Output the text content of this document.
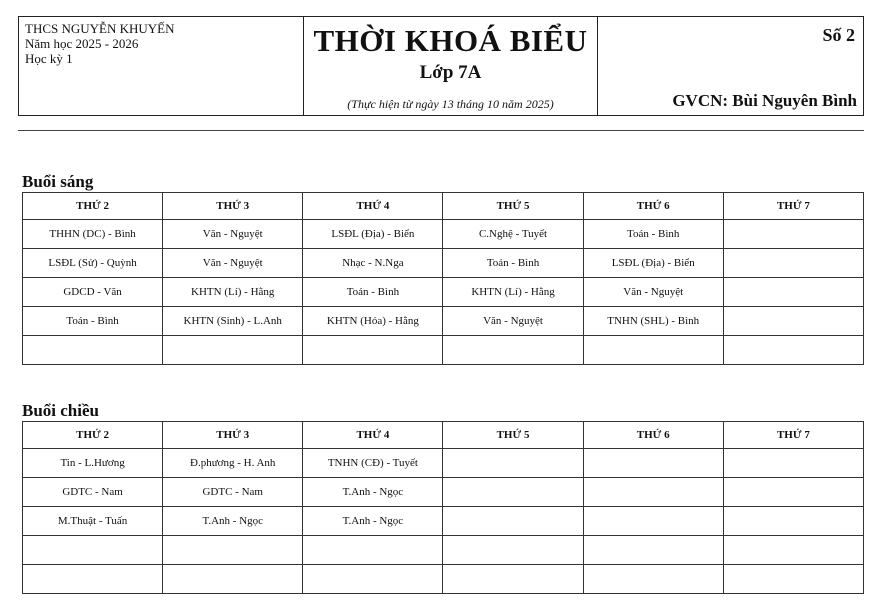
THCS NGUYỄN KHUYẾN
Năm học 2025 - 2026
Học kỳ 1
THỜI KHOÁ BIỂU
Lớp 7A
(Thực hiện từ ngày 13 tháng 10 năm 2025)
Số 2
GVCN: Bùi Nguyên Bình
Buổi sáng
THỨ 2	THỨ 3	THỨ 4	THỨ 5	THỨ 6	THỨ 7
THHN (DC) - Bình	Văn - Nguyệt	LSĐL (Địa) - Biển	C.Nghệ - Tuyết	Toán - Bình	
LSĐL (Sử) - Quỳnh	Văn - Nguyệt	Nhạc - N.Nga	Toán - Bình	LSĐL (Địa) - Biển	
GDCD - Văn	KHTN (Lí) - Hằng	Toán - Bình	KHTN (Lí) - Hằng	Văn - Nguyệt	
Toán - Bình	KHTN (Sinh) - L.Anh	KHTN (Hóa) - Hằng	Văn - Nguyệt	TNHN (SHL) - Bình	

Buổi chiều
THỨ 2	THỨ 3	THỨ 4	THỨ 5	THỨ 6	THỨ 7
Tin - L.Hương	Đ.phương - H. Anh	TNHN (CĐ) - Tuyết			
GDTC - Nam	GDTC - Nam	T.Anh - Ngọc			
M.Thuật - Tuấn	T.Anh - Ngọc	T.Anh - Ngọc			
